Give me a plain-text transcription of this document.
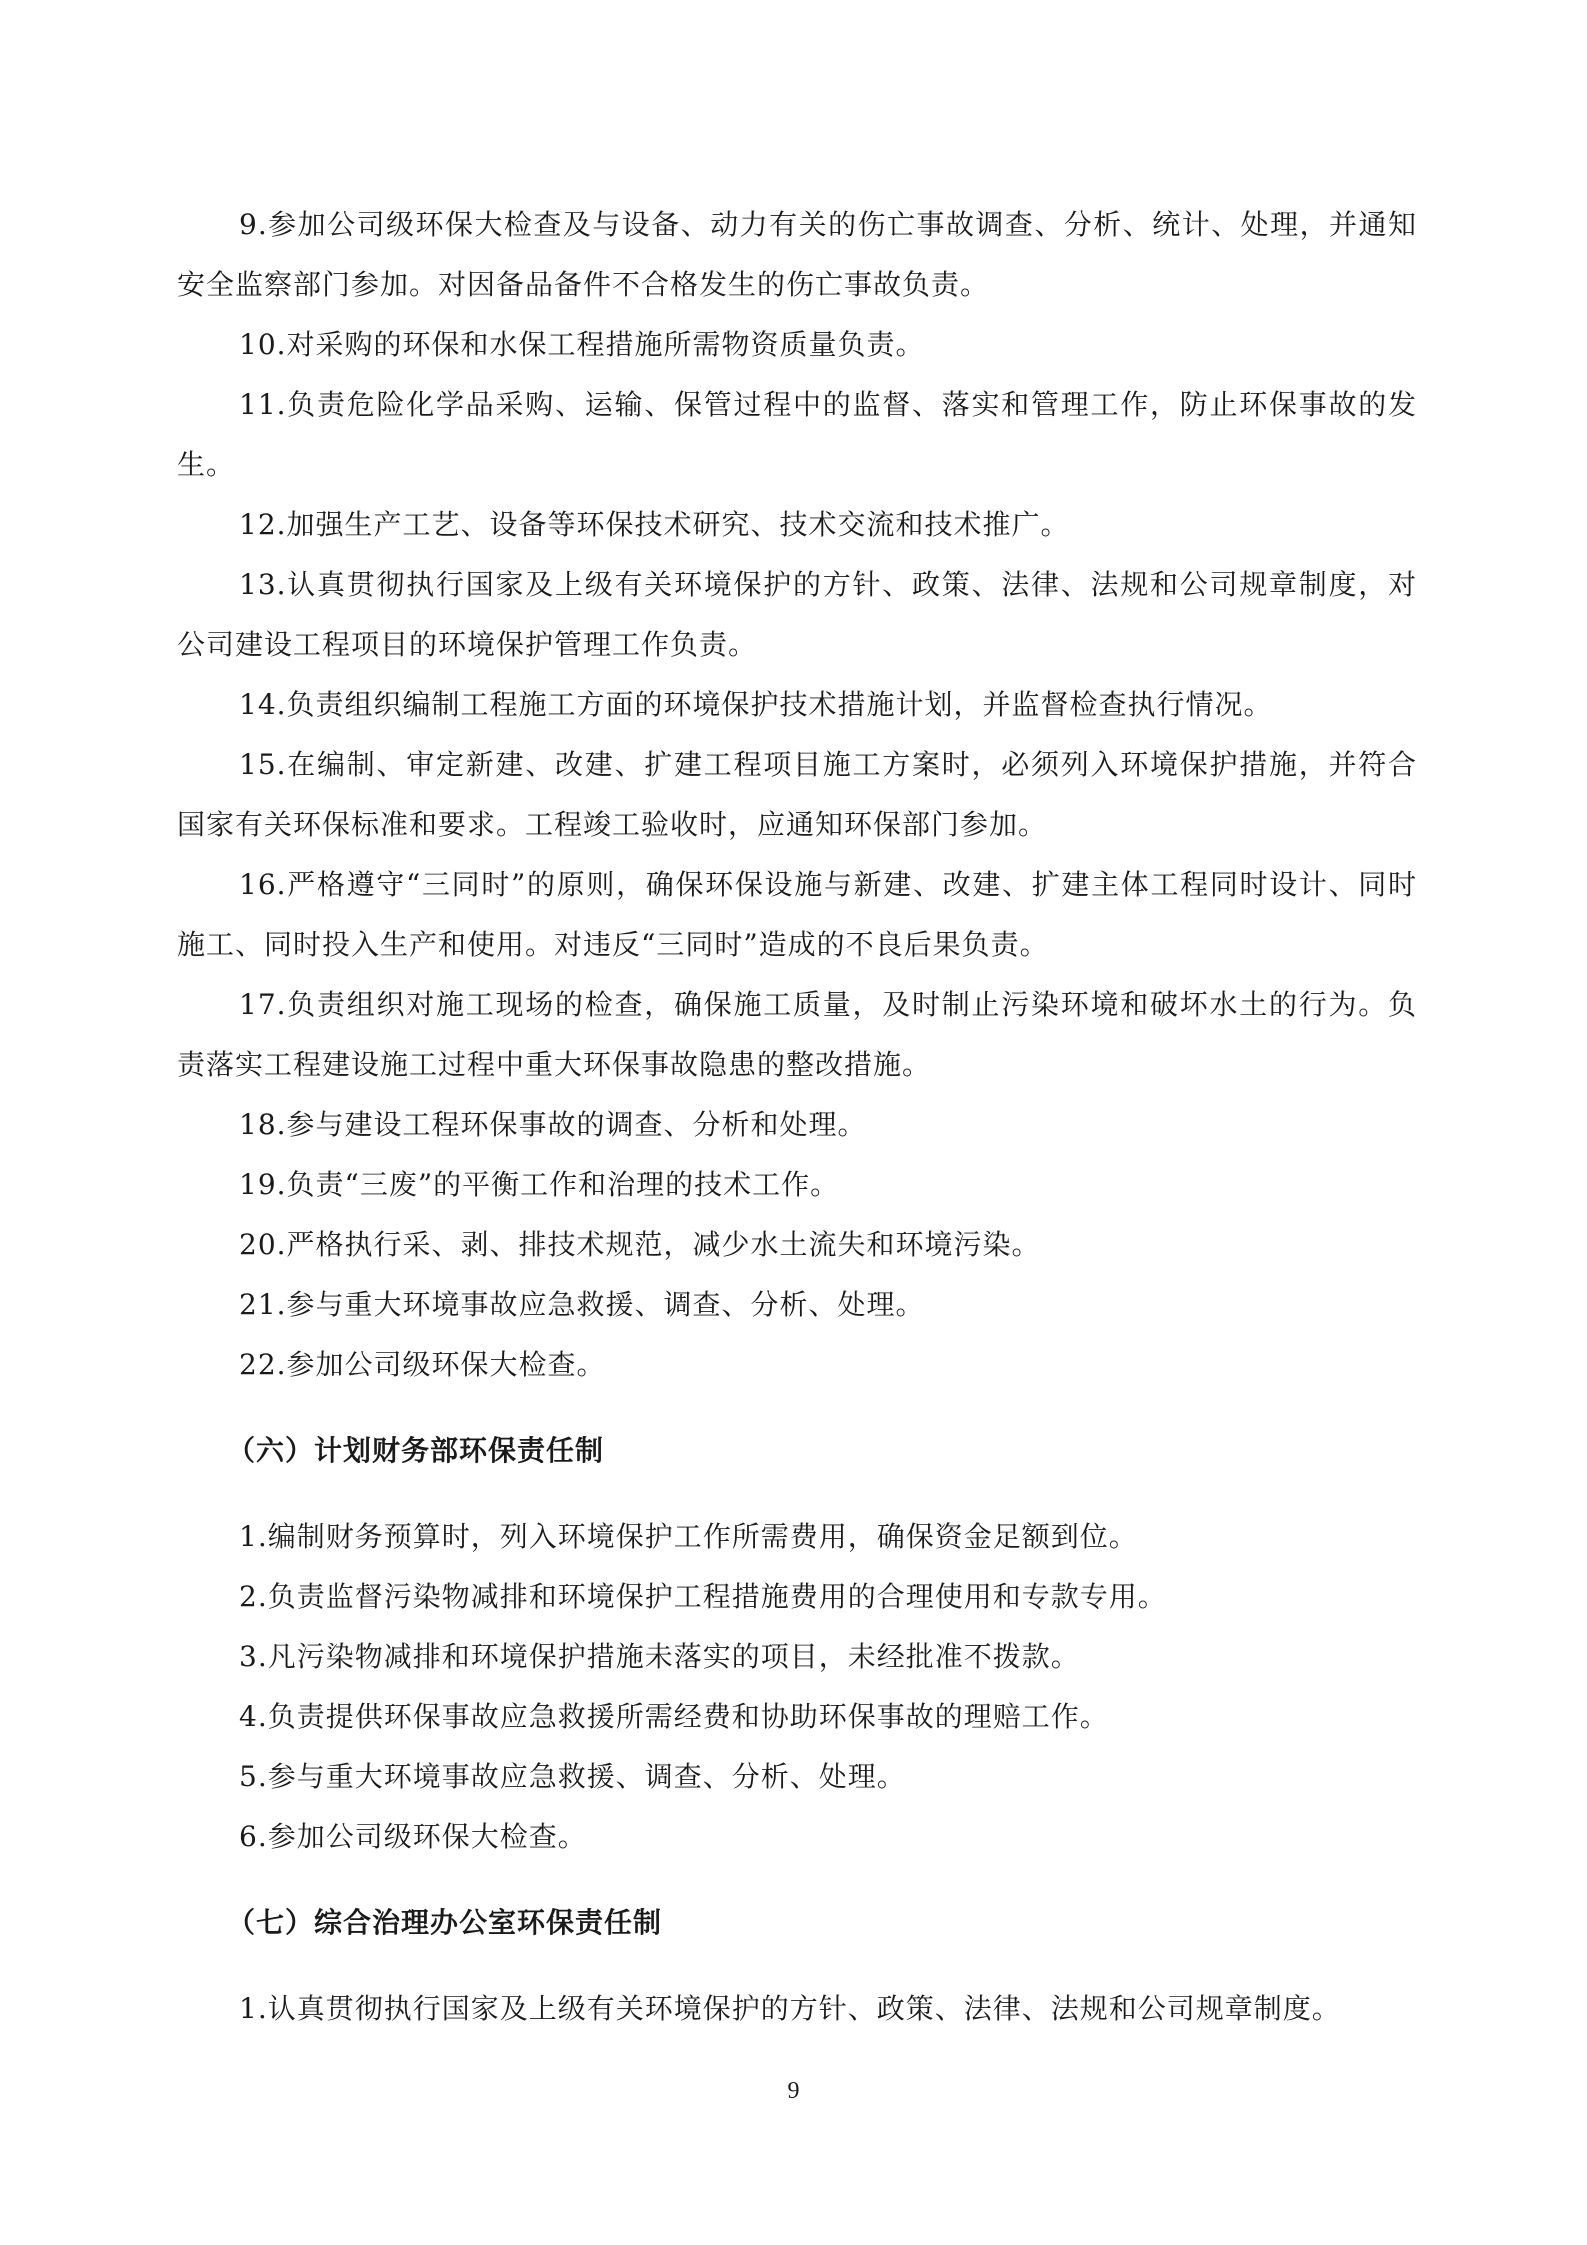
9.参加公司级环保大检查及与设备、动力有关的伤亡事故调查、分析、统计、处理，并通知安全监察部门参加。对因备品备件不合格发生的伤亡事故负责。

10.对采购的环保和水保工程措施所需物资质量负责。

11.负责危险化学品采购、运输、保管过程中的监督、落实和管理工作，防止环保事故的发生。

12.加强生产工艺、设备等环保技术研究、技术交流和技术推广。

13.认真贯彻执行国家及上级有关环境保护的方针、政策、法律、法规和公司规章制度，对公司建设工程项目的环境保护管理工作负责。

14.负责组织编制工程施工方面的环境保护技术措施计划，并监督检查执行情况。

15.在编制、审定新建、改建、扩建工程项目施工方案时，必须列入环境保护措施，并符合国家有关环保标准和要求。工程竣工验收时，应通知环保部门参加。

16.严格遵守“三同时”的原则，确保环保设施与新建、改建、扩建主体工程同时设计、同时施工、同时投入生产和使用。对违反“三同时”造成的不良后果负责。

17.负责组织对施工现场的检查，确保施工质量，及时制止污染环境和破坏水土的行为。负责落实工程建设施工过程中重大环保事故隐患的整改措施。

18.参与建设工程环保事故的调查、分析和处理。

19.负责“三废”的平衡工作和治理的技术工作。

20.严格执行采、剥、排技术规范，减少水土流失和环境污染。

21.参与重大环境事故应急救援、调查、分析、处理。

22.参加公司级环保大检查。

（六）计划财务部环保责任制

1.编制财务预算时，列入环境保护工作所需费用，确保资金足额到位。

2.负责监督污染物减排和环境保护工程措施费用的合理使用和专款专用。

3.凡污染物减排和环境保护措施未落实的项目，未经批准不拨款。

4.负责提供环保事故应急救援所需经费和协助环保事故的理赔工作。

5.参与重大环境事故应急救援、调查、分析、处理。

6.参加公司级环保大检查。

（七）综合治理办公室环保责任制

1.认真贯彻执行国家及上级有关环境保护的方针、政策、法律、法规和公司规章制度。

9
